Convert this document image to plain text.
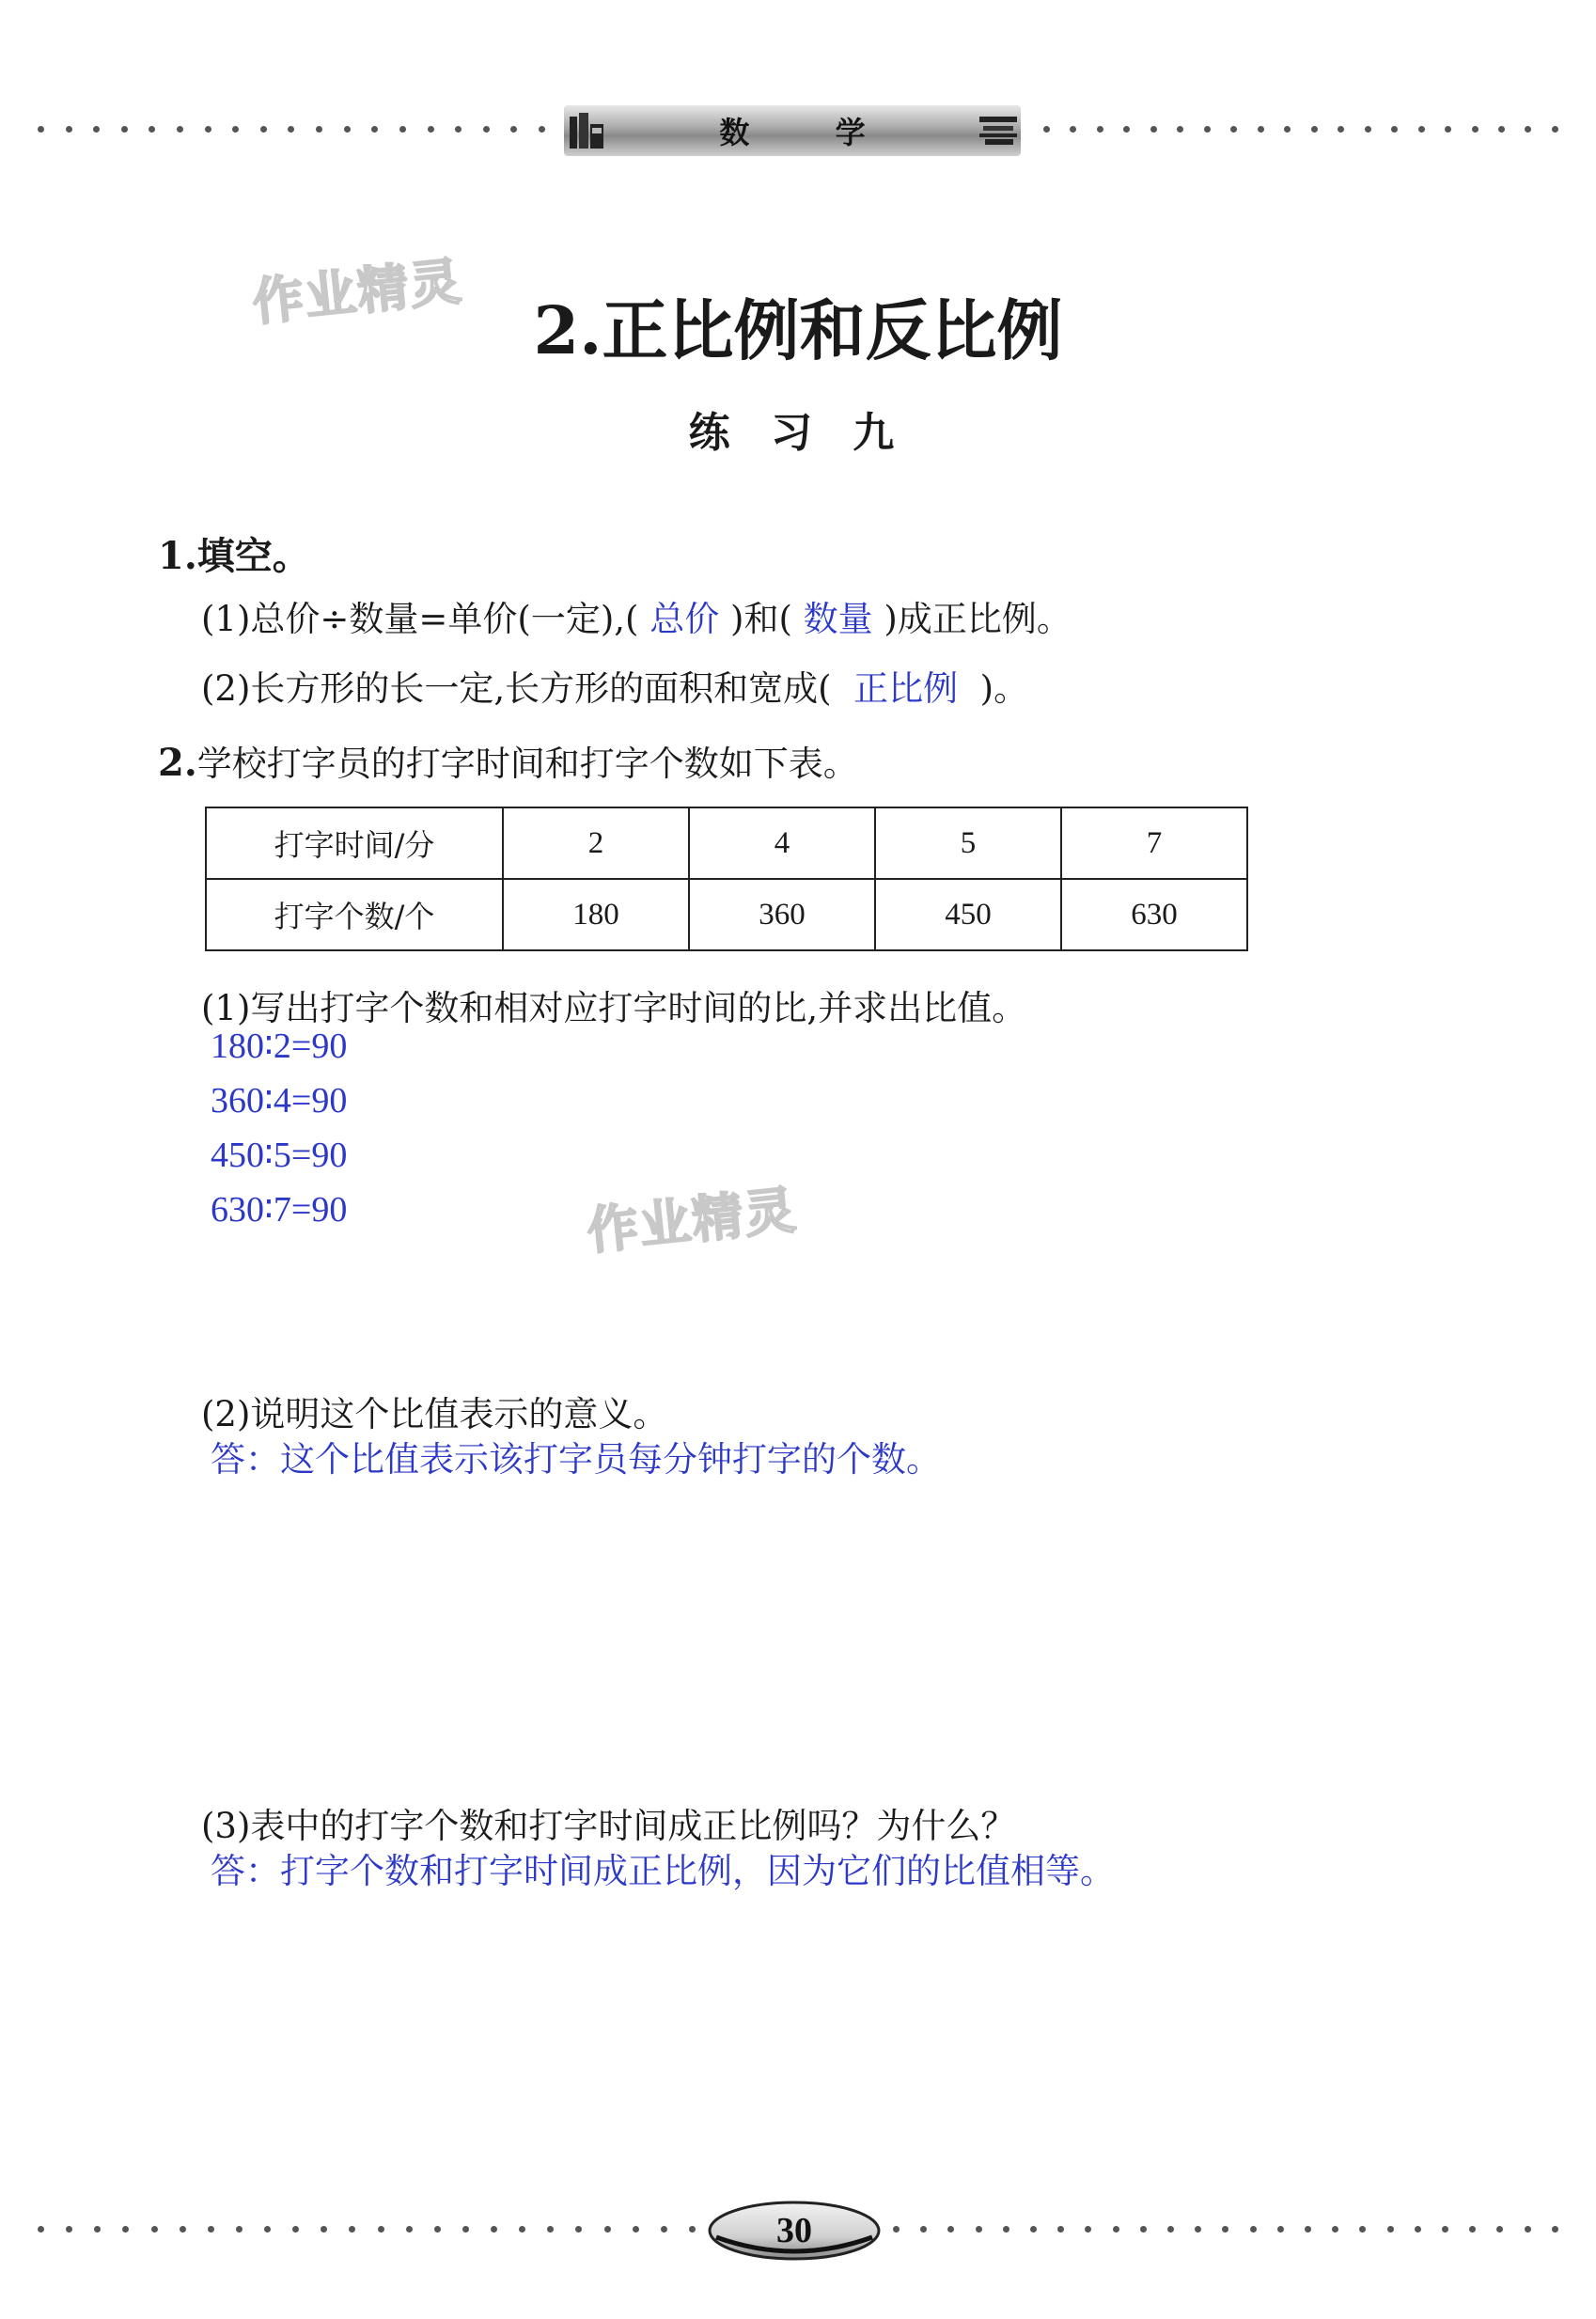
数 学
作业精灵
作业精灵
2.正比例和反比例
练 习 九
1.填空。
(1)总价÷数量=单价(一定),( 总价 )和( 数量 )成正比例。
(2)长方形的长一定,长方形的面积和宽成(  正比例  )。
2.学校打字员的打字时间和打字个数如下表。
打字时间/分	2	4	5	7
打字个数/个	180	360	450	630
(1)写出打字个数和相对应打字时间的比,并求出比值。
180∶2=90
360∶4=90
450∶5=90
630∶7=90
(2)说明这个比值表示的意义。
答：这个比值表示该打字员每分钟打字的个数。
(3)表中的打字个数和打字时间成正比例吗？为什么？
答：打字个数和打字时间成正比例，因为它们的比值相等。
30
